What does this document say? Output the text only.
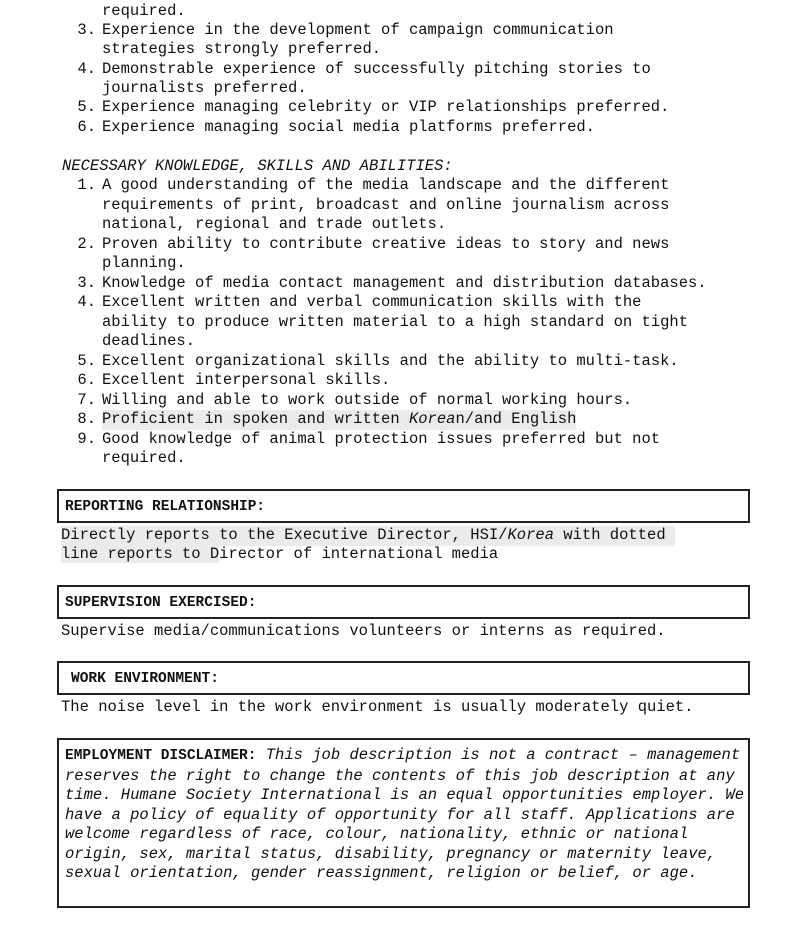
required.
3. Experience in the development of campaign communication
strategies strongly preferred.
4. Demonstrable experience of successfully pitching stories to
journalists preferred.
5. Experience managing celebrity or VIP relationships preferred.
6. Experience managing social media platforms preferred.
NECESSARY KNOWLEDGE, SKILLS AND ABILITIES:
1. A good understanding of the media landscape and the different
requirements of print, broadcast and online journalism across
national, regional and trade outlets.
2. Proven ability to contribute creative ideas to story and news
planning.
3. Knowledge of media contact management and distribution databases.
4. Excellent written and verbal communication skills with the
ability to produce written material to a high standard on tight
deadlines.
5. Excellent organizational skills and the ability to multi-task.
6. Excellent interpersonal skills.
7. Willing and able to work outside of normal working hours.
8. Proficient in spoken and written Korean/and English
9. Good knowledge of animal protection issues preferred but not
required.
REPORTING RELATIONSHIP:
Directly reports to the Executive Director, HSI/Korea with dotted
line reports to Director of international media
SUPERVISION EXERCISED:
Supervise media/communications volunteers or interns as required.
WORK ENVIRONMENT:
The noise level in the work environment is usually moderately quiet.
EMPLOYMENT DISCLAIMER: This job description is not a contract – management reserves the right to change the contents of this job description at any time. Humane Society International is an equal opportunities employer. We have a policy of equality of opportunity for all staff. Applications are welcome regardless of race, colour, nationality, ethnic or national origin, sex, marital status, disability, pregnancy or maternity leave, sexual orientation, gender reassignment, religion or belief, or age.
